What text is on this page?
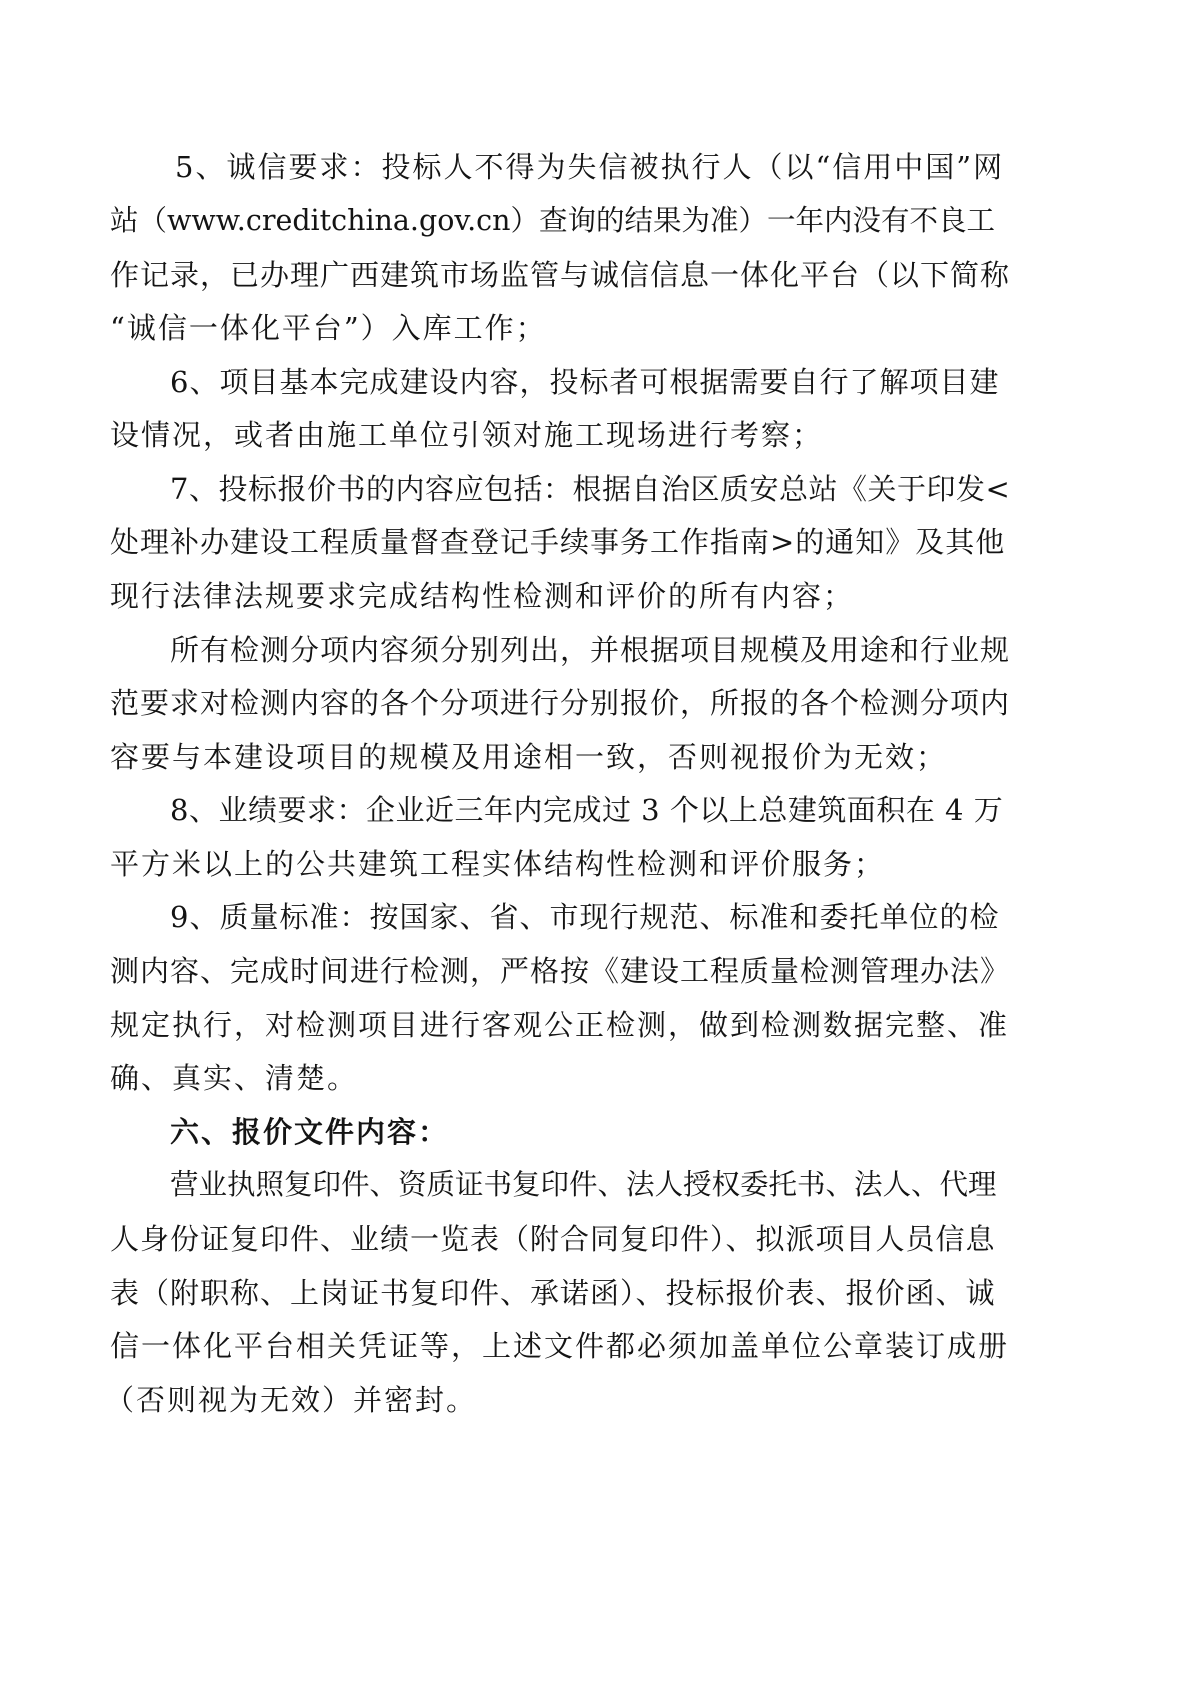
5、诚信要求：投标人不得为失信被执行人（以“信用中国”网
站（www.creditchina.gov.cn）查询的结果为准）一年内没有不良工
作记录，已办理广西建筑市场监管与诚信信息一体化平台（以下简称
“诚信一体化平台”）入库工作；
6、项目基本完成建设内容，投标者可根据需要自行了解项目建
设情况，或者由施工单位引领对施工现场进行考察；
7、投标报价书的内容应包括：根据自治区质安总站《关于印发<
处理补办建设工程质量督查登记手续事务工作指南>的通知》及其他
现行法律法规要求完成结构性检测和评价的所有内容；
所有检测分项内容须分别列出，并根据项目规模及用途和行业规
范要求对检测内容的各个分项进行分别报价，所报的各个检测分项内
容要与本建设项目的规模及用途相一致，否则视报价为无效；
8、业绩要求：企业近三年内完成过 3 个以上总建筑面积在 4 万
平方米以上的公共建筑工程实体结构性检测和评价服务；
9、质量标准：按国家、省、市现行规范、标准和委托单位的检
测内容、完成时间进行检测，严格按《建设工程质量检测管理办法》
规定执行，对检测项目进行客观公正检测，做到检测数据完整、准
确、真实、清楚。
六、报价文件内容：
营业执照复印件、资质证书复印件、法人授权委托书、法人、代理
人身份证复印件、业绩一览表（附合同复印件）、拟派项目人员信息
表（附职称、上岗证书复印件、承诺函）、投标报价表、报价函、诚
信一体化平台相关凭证等，上述文件都必须加盖单位公章装订成册
（否则视为无效）并密封。
